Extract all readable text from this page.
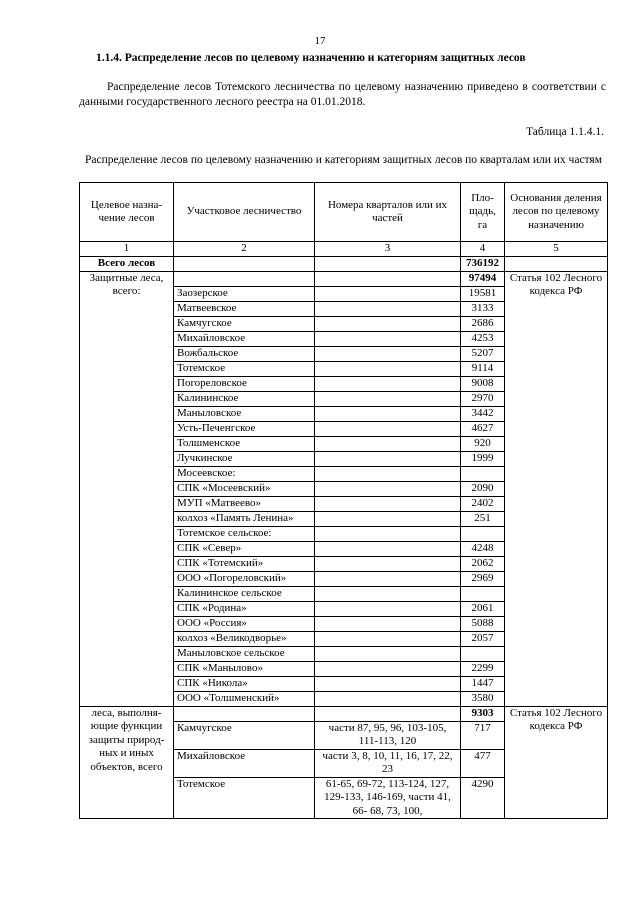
17
1.1.4. Распределение лесов по целевому назначению и категориям защитных лесов
Распределение лесов Тотемского лесничества по целевому назначению приведено в соответствии с данными государственного лесного реестра на 01.01.2018.
Таблица 1.1.4.1.
Распределение лесов по целевому назначению и категориям защитных лесов по кварталам или их частям
Целевое назначение лесов	Участковое лесничество	Номера кварталов или их частей	Площадь, га	Основания деления лесов по целевому назначению
1	2	3	4	5
Всего лесов			736192	
Защитные леса, всего:			97494	Статья 102 Лесного кодекса РФ
	Заозерское		19581	
	Матвеевское		3133	
	Камчугское		2686	
	Михайловское		4253	
	Вожбальское		5207	
	Тотемское		9114	
	Погореловское		9008	
	Калининское		2970	
	Маныловское		3442	
	Усть-Печенгское		4627	
	Толшменское		920	
	Лучкинское		1999	
	Мосеевское:			
	СПК «Мосеевский»		2090	
	МУП «Матвеево»		2402	
	колхоз «Память Ленина»		251	
	Тотемское сельское:			
	СПК «Север»		4248	
	СПК «Тотемский»		2062	
	ООО «Погореловский»		2969	
	Калининское сельское			
	СПК «Родина»		2061	
	ООО «Россия»		5088	
	колхоз «Великодворье»		2057	
	Маныловское сельское			
	СПК «Маныловo»		2299	
	СПК «Никола»		1447	
	ООО «Толшменский»		3580	
леса, выполняющие функции защиты природных и иных объектов, всего			9303	Статья 102 Лесного кодекса РФ
	Камчугское	части 87, 95, 96, 103-105, 111-113, 120	717	
	Михайловское	части 3, 8, 10, 11, 16, 17, 22, 23	477	
	Тотемское	61-65, 69-72, 113-124, 127, 129-133, 146-169, части 41, 66- 68, 73, 100,	4290	
